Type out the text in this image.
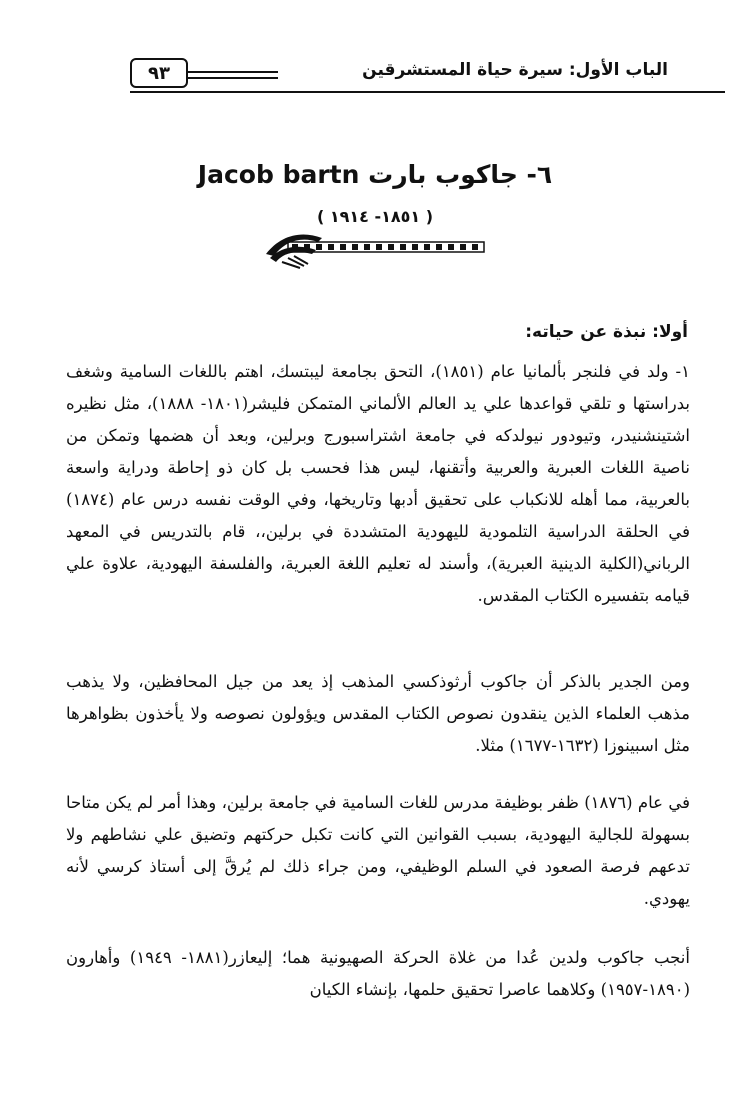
٩٣	الباب الأول: سيرة حياة المستشرقين
٦- جاكوب بارت Jacob bartn
( ١٨٥١- ١٩١٤ )
أولا: نبذة عن حياته:

١- ولد في فلنجر بألمانيا عام (١٨٥١)، التحق بجامعة ليبتسك، اهتم باللغات السامية وشغف بدراستها و تلقي قواعدها علي يد العالم الألماني المتمكن فليشر(١٨٠١- ١٨٨٨)، مثل نظيره اشتينشنيدر، وتيودور نيولدكه في جامعة اشتراسبورج وبرلين، وبعد أن هضمها وتمكن من ناصية اللغات العبرية والعربية وأتقنها، ليس هذا فحسب بل كان ذو إحاطة ودراية واسعة بالعربية، مما أهله للانكباب على تحقيق أدبها وتاريخها، وفي الوقت نفسه درس عام (١٨٧٤) في الحلقة الدراسية التلمودية لليهودية المتشددة في برلين،، قام بالتدريس في المعهد الرباني(الكلية الدينية العبرية)، وأسند له تعليم اللغة العبرية، والفلسفة اليهودية، علاوة علي قيامه بتفسيره الكتاب المقدس.

ومن الجدير بالذكر أن جاكوب أرثوذكسي المذهب إذ يعد من جيل المحافظين، ولا يذهب مذهب العلماء الذين ينقدون نصوص الكتاب المقدس ويؤولون نصوصه ولا يأخذون بظواهرها مثل اسبينوزا (١٦٣٢-١٦٧٧) مثلا.

في عام (١٨٧٦) ظفر بوظيفة مدرس للغات السامية في جامعة برلين، وهذا أمر لم يكن متاحا بسهولة للجالية اليهودية، بسبب القوانين التي كانت تكبل حركتهم وتضيق علي نشاطهم ولا تدعهم فرصة الصعود في السلم الوظيفي، ومن جراء ذلك لم يُرقَّ إلى أستاذ كرسي لأنه يهودي.

أنجب جاكوب ولدين عُدا من غلاة الحركة الصهيونية هما؛ إليعازر(١٨٨١- ١٩٤٩) وأهارون (١٨٩٠-١٩٥٧) وكلاهما عاصرا تحقيق حلمها، بإنشاء الكيان
